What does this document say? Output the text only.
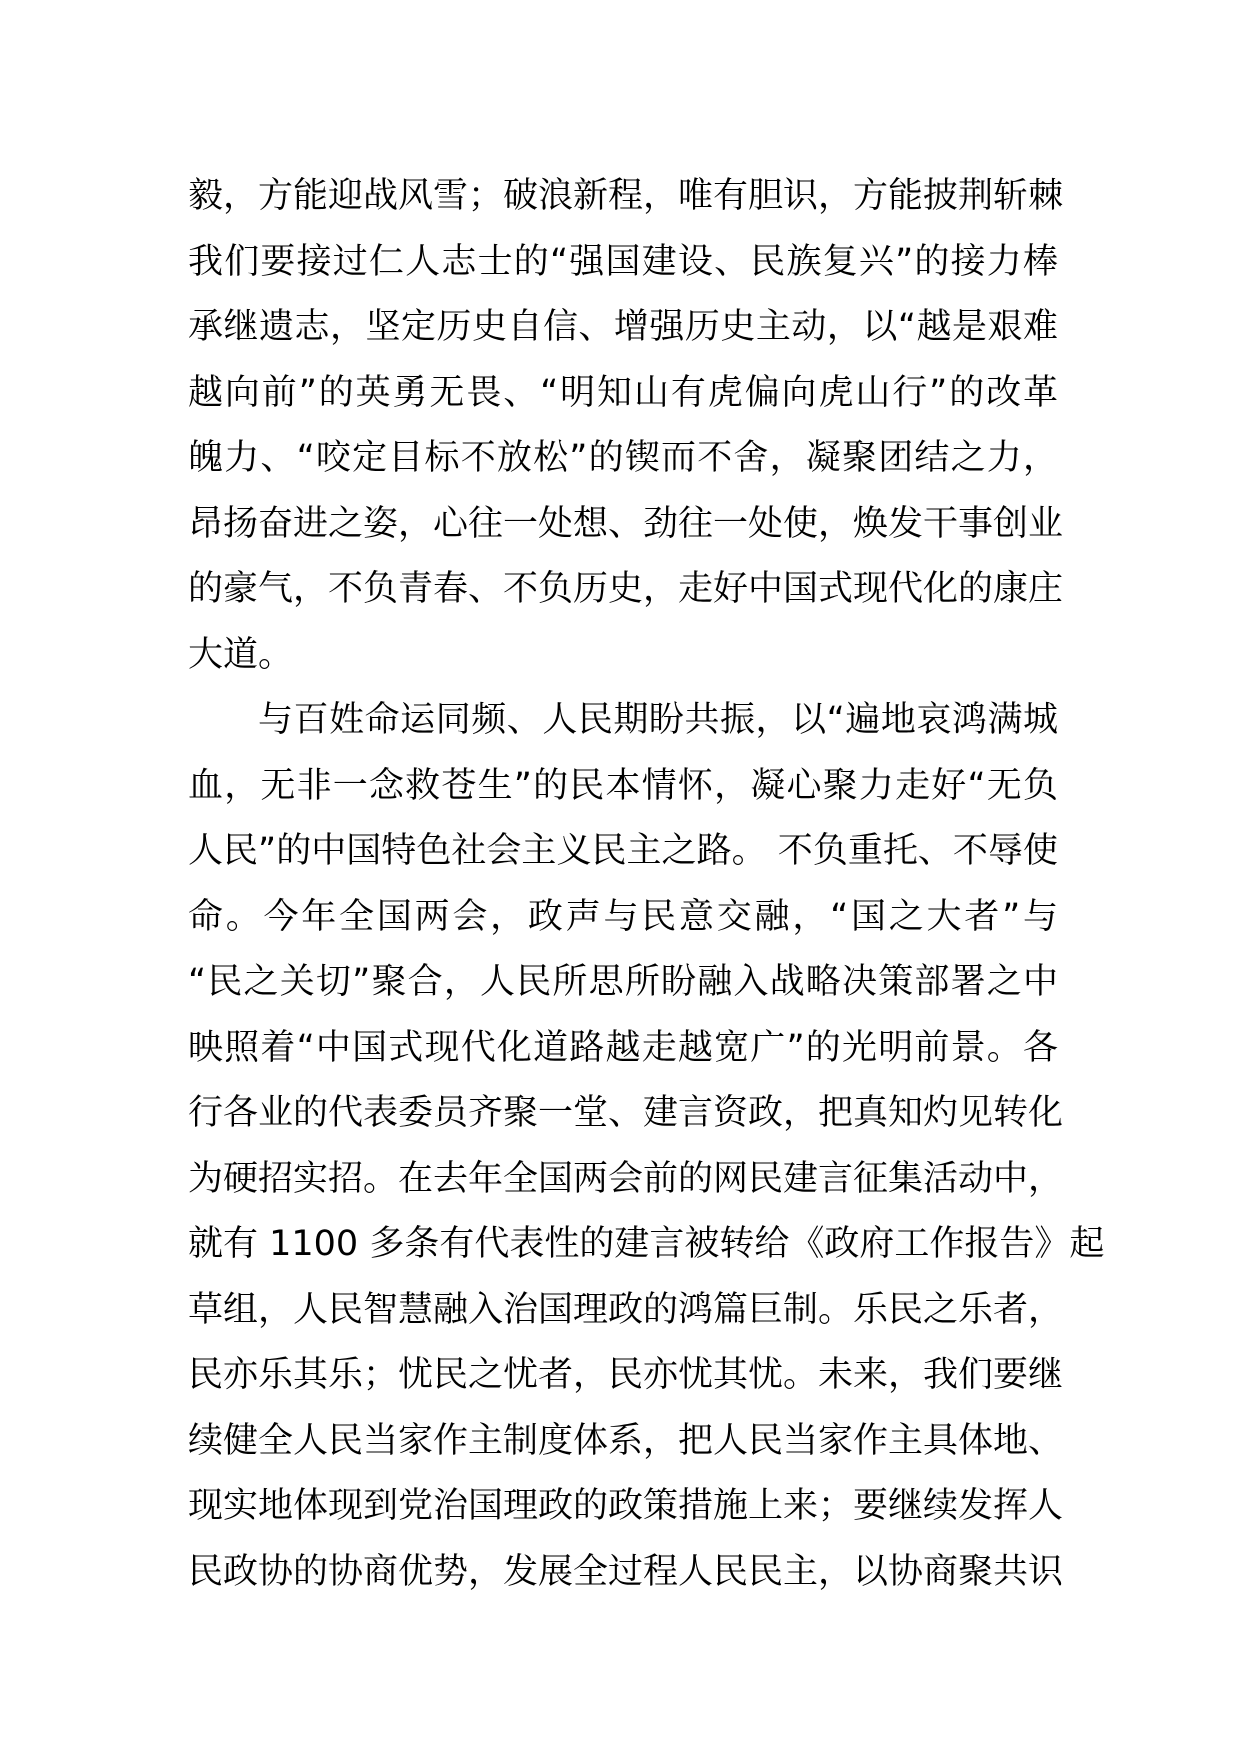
毅，方能迎战风雪；破浪新程，唯有胆识，方能披荆斩棘
我们要接过仁人志士的“强国建设、民族复兴”的接力棒
承继遗志，坚定历史自信、增强历史主动，以“越是艰难
越向前”的英勇无畏、“明知山有虎偏向虎山行”的改革
魄力、“咬定目标不放松”的锲而不舍，凝聚团结之力，
昂扬奋进之姿，心往一处想、劲往一处使，焕发干事创业
的豪气，不负青春、不负历史，走好中国式现代化的康庄
大道。
与百姓命运同频、人民期盼共振，以“遍地哀鸿满城
血，无非一念救苍生”的民本情怀，凝心聚力走好“无负
人民”的中国特色社会主义民主之路。 不负重托、不辱使
命。今年全国两会，政声与民意交融，“国之大者”与
“民之关切”聚合，人民所思所盼融入战略决策部署之中
映照着“中国式现代化道路越走越宽广”的光明前景。各
行各业的代表委员齐聚一堂、建言资政，把真知灼见转化
为硬招实招。在去年全国两会前的网民建言征集活动中，
就有 1100 多条有代表性的建言被转给《政府工作报告》起
草组，人民智慧融入治国理政的鸿篇巨制。乐民之乐者，
民亦乐其乐；忧民之忧者，民亦忧其忧。未来，我们要继
续健全人民当家作主制度体系，把人民当家作主具体地、
现实地体现到党治国理政的政策措施上来；要继续发挥人
民政协的协商优势，发展全过程人民民主，以协商聚共识
